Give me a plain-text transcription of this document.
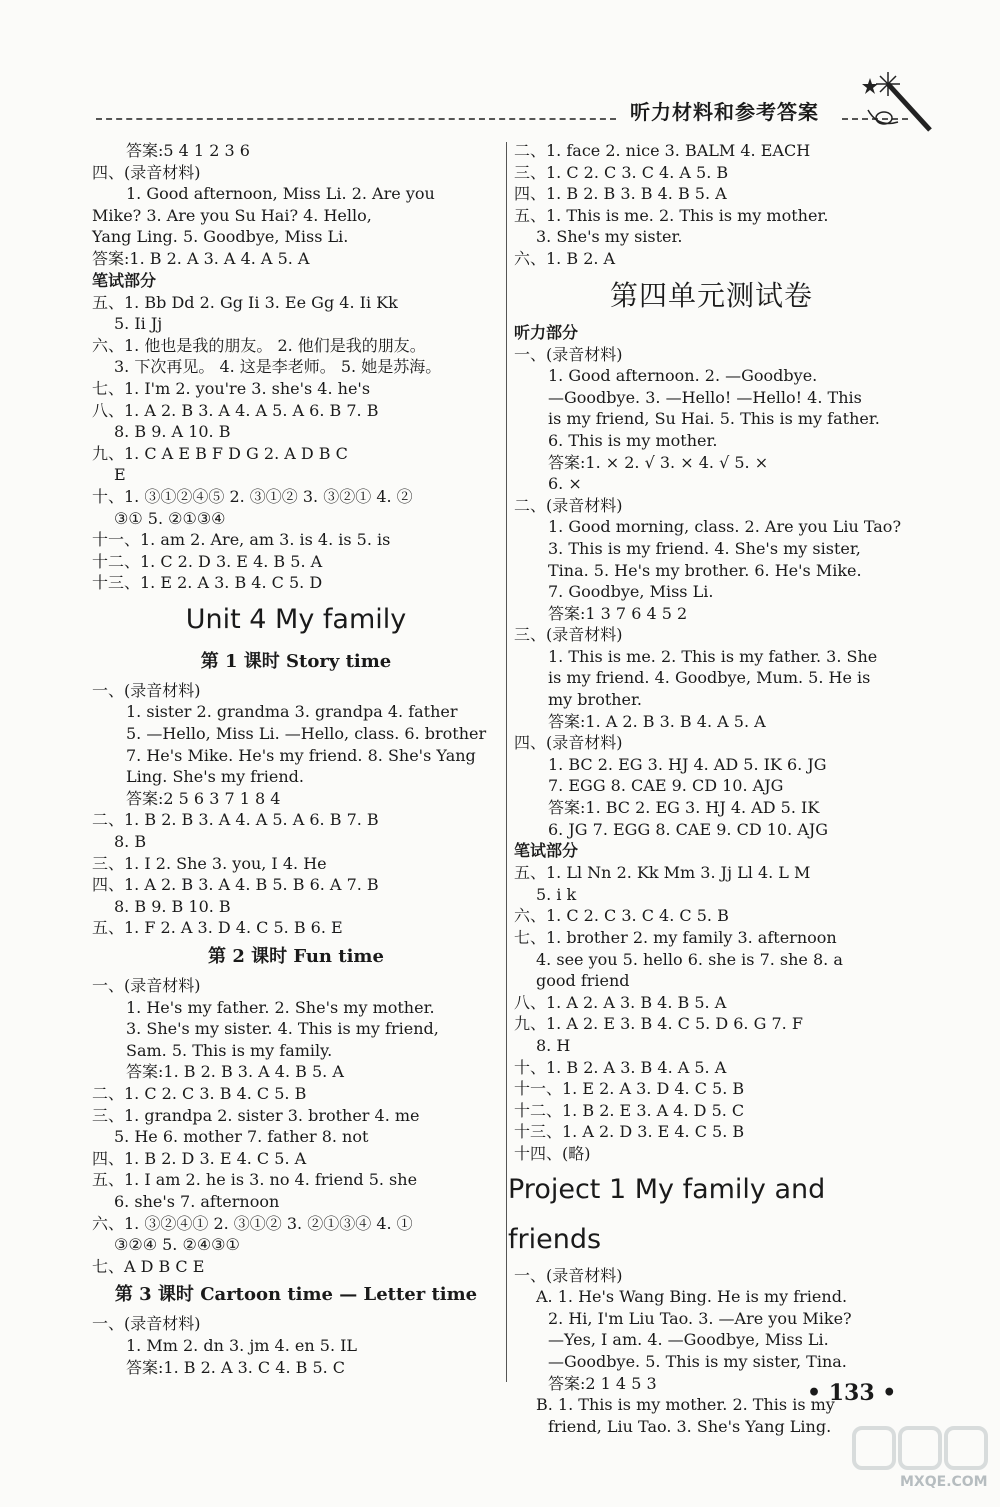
听力材料和参考答案
答案:5 4 1 2 3 6
四、(录音材料)
1. Good afternoon, Miss Li. 2. Are you
Mike? 3. Are you Su Hai? 4. Hello,
Yang Ling. 5. Goodbye, Miss Li.
答案:1. B 2. A 3. A 4. A 5. A
笔试部分
五、1. Bb Dd 2. Gg Ii 3. Ee Gg 4. Ii Kk
5. Ii Jj
六、1. 他也是我的朋友。 2. 他们是我的朋友。
3. 下次再见。 4. 这是李老师。 5. 她是苏海。
七、1. I'm 2. you're 3. she's 4. he's
八、1. A 2. B 3. A 4. A 5. A 6. B 7. B
8. B 9. A 10. B
九、1. C A E B F D G 2. A D B C
E
十、1. ③①②④⑤ 2. ③①② 3. ③②① 4. ②
③① 5. ②①③④
十一、1. am 2. Are, am 3. is 4. is 5. is
十二、1. C 2. D 3. E 4. B 5. A
十三、1. E 2. A 3. B 4. C 5. D
Unit 4 My family
第 1 课时 Story time
一、(录音材料)
1. sister 2. grandma 3. grandpa 4. father
5. —Hello, Miss Li. —Hello, class. 6. brother
7. He's Mike. He's my friend. 8. She's Yang
Ling. She's my friend.
答案:2 5 6 3 7 1 8 4
二、1. B 2. B 3. A 4. A 5. A 6. B 7. B
8. B
三、1. I 2. She 3. you, I 4. He
四、1. A 2. B 3. A 4. B 5. B 6. A 7. B
8. B 9. B 10. B
五、1. F 2. A 3. D 4. C 5. B 6. E
第 2 课时 Fun time
一、(录音材料)
1. He's my father. 2. She's my mother.
3. She's my sister. 4. This is my friend,
Sam. 5. This is my family.
答案:1. B 2. B 3. A 4. B 5. A
二、1. C 2. C 3. B 4. C 5. B
三、1. grandpa 2. sister 3. brother 4. me
5. He 6. mother 7. father 8. not
四、1. B 2. D 3. E 4. C 5. A
五、1. I am 2. he is 3. no 4. friend 5. she
6. she's 7. afternoon
六、1. ③②④① 2. ③①② 3. ②①③④ 4. ①
③②④ 5. ②④③①
七、A D B C E
第 3 课时 Cartoon time — Letter time
一、(录音材料)
1. Mm 2. dn 3. jm 4. en 5. IL
答案:1. B 2. A 3. C 4. B 5. C
二、1. face 2. nice 3. BALM 4. EACH
三、1. C 2. C 3. C 4. A 5. B
四、1. B 2. B 3. B 4. B 5. A
五、1. This is me. 2. This is my mother.
3. She's my sister.
六、1. B 2. A
第四单元测试卷
听力部分
一、(录音材料)
1. Good afternoon. 2. —Goodbye.
—Goodbye. 3. —Hello! —Hello! 4. This
is my friend, Su Hai. 5. This is my father.
6. This is my mother.
答案:1. × 2. √ 3. × 4. √ 5. ×
6. ×
二、(录音材料)
1. Good morning, class. 2. Are you Liu Tao?
3. This is my friend. 4. She's my sister,
Tina. 5. He's my brother. 6. He's Mike.
7. Goodbye, Miss Li.
答案:1 3 7 6 4 5 2
三、(录音材料)
1. This is me. 2. This is my father. 3. She
is my friend. 4. Goodbye, Mum. 5. He is
my brother.
答案:1. A 2. B 3. B 4. A 5. A
四、(录音材料)
1. BC 2. EG 3. HJ 4. AD 5. IK 6. JG
7. EGG 8. CAE 9. CD 10. AJG
答案:1. BC 2. EG 3. HJ 4. AD 5. IK
6. JG 7. EGG 8. CAE 9. CD 10. AJG
笔试部分
五、1. Ll Nn 2. Kk Mm 3. Jj Ll 4. L M
5. i k
六、1. C 2. C 3. C 4. C 5. B
七、1. brother 2. my family 3. afternoon
4. see you 5. hello 6. she is 7. she 8. a
good friend
八、1. A 2. A 3. B 4. B 5. A
九、1. A 2. E 3. B 4. C 5. D 6. G 7. F
8. H
十、1. B 2. A 3. B 4. A 5. A
十一、1. E 2. A 3. D 4. C 5. B
十二、1. B 2. E 3. A 4. D 5. C
十三、1. A 2. D 3. E 4. C 5. B
十四、(略)
Project 1 My family and friends
一、(录音材料)
A. 1. He's Wang Bing. He is my friend.
2. Hi, I'm Liu Tao. 3. —Are you Mike?
—Yes, I am. 4. —Goodbye, Miss Li.
—Goodbye. 5. This is my sister, Tina.
答案:2 1 4 5 3
B. 1. This is my mother. 2. This is my
friend, Liu Tao. 3. She's Yang Ling.
• 133 •
MXQE.COM
